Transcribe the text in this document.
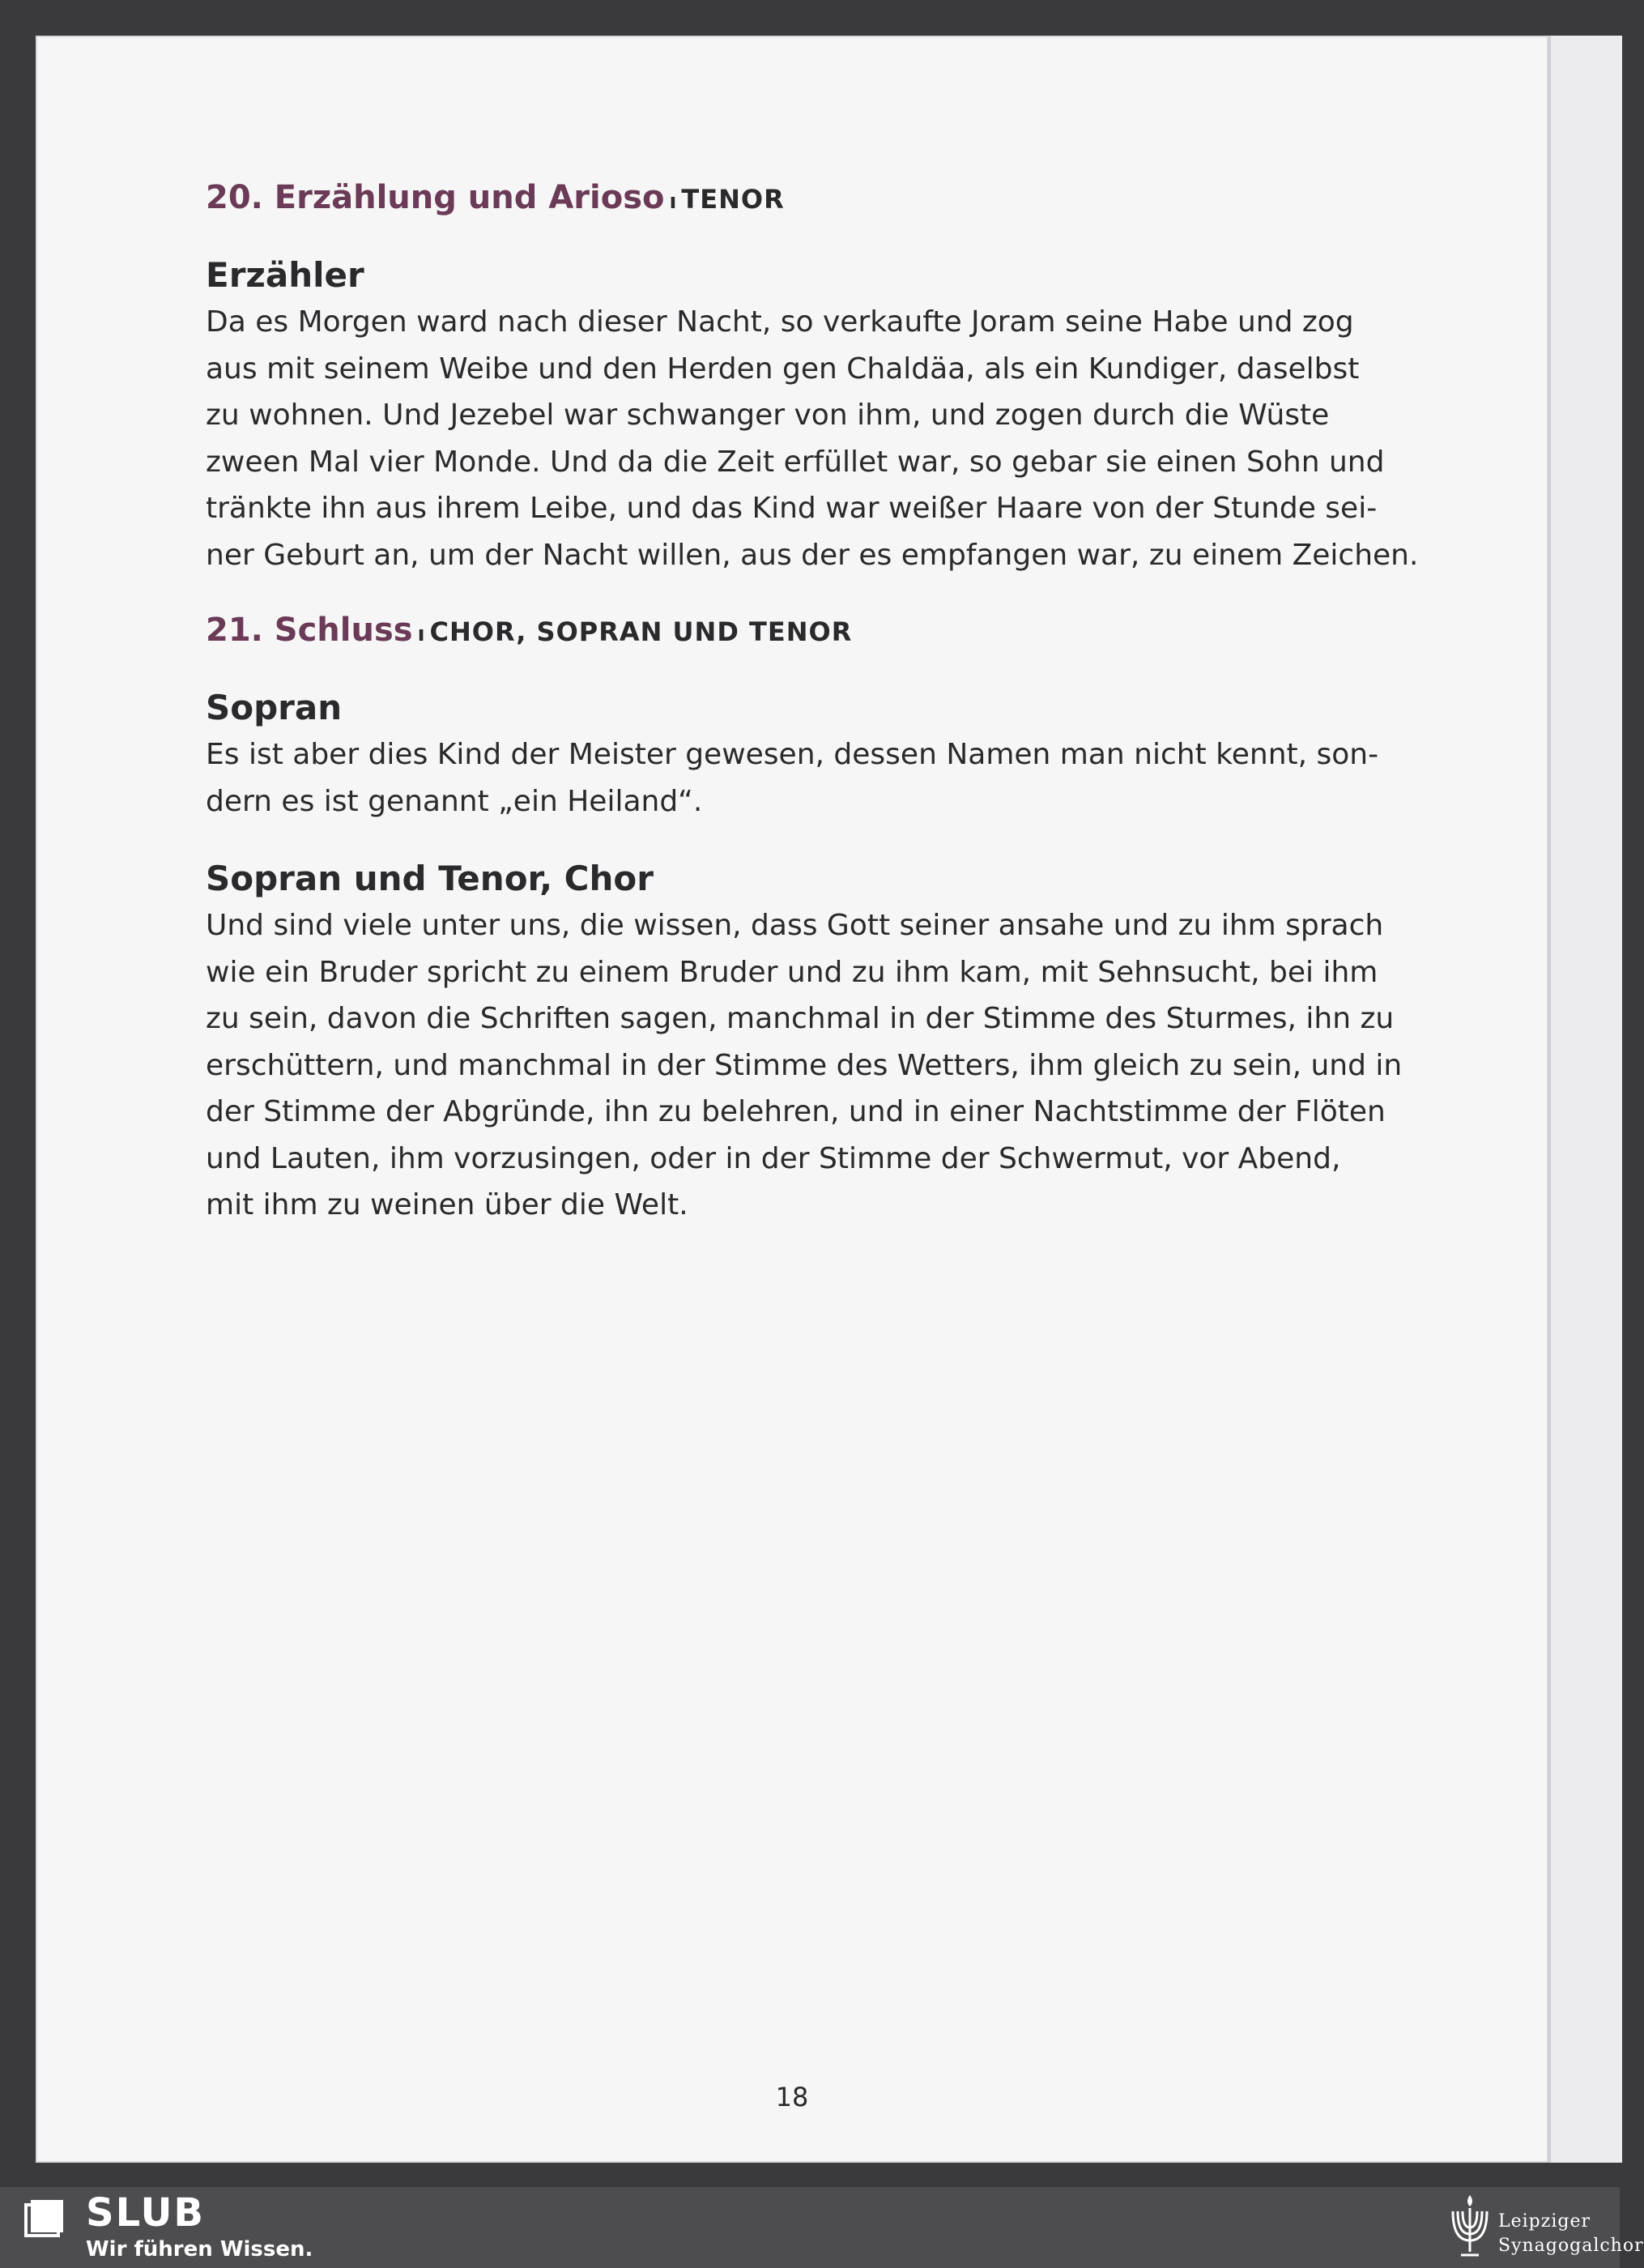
20. Erzählung und Arioso ı TENOR
Erzähler

Da es Morgen ward nach dieser Nacht, so verkaufte Joram seine Habe und zog

aus mit seinem Weibe und den Herden gen Chaldäa, als ein Kundiger, daselbst

zu wohnen. Und Jezebel war schwanger von ihm, und zogen durch die Wüste

zween Mal vier Monde. Und da die Zeit erfüllet war, so gebar sie einen Sohn und

tränkte ihn aus ihrem Leibe, und das Kind war weißer Haare von der Stunde sei-

ner Geburt an, um der Nacht willen, aus der es empfangen war, zu einem Zeichen.

21. Schluss ı CHOR, SOPRAN UND TENOR
Sopran

Es ist aber dies Kind der Meister gewesen, dessen Namen man nicht kennt, son-

dern es ist genannt „ein Heiland“.

Sopran und Tenor, Chor

Und sind viele unter uns, die wissen, dass Gott seiner ansahe und zu ihm sprach

wie ein Bruder spricht zu einem Bruder und zu ihm kam, mit Sehnsucht, bei ihm

zu sein, davon die Schriften sagen, manchmal in der Stimme des Sturmes, ihn zu

erschüttern, und manchmal in der Stimme des Wetters, ihm gleich zu sein, und in

der Stimme der Abgründe, ihn zu belehren, und in einer Nachtstimme der Flöten

und Lauten, ihm vorzusingen, oder in der Stimme der Schwermut, vor Abend,

mit ihm zu weinen über die Welt.

18
SLUB
Wir führen Wissen.
Leipziger
Synagogalchor
